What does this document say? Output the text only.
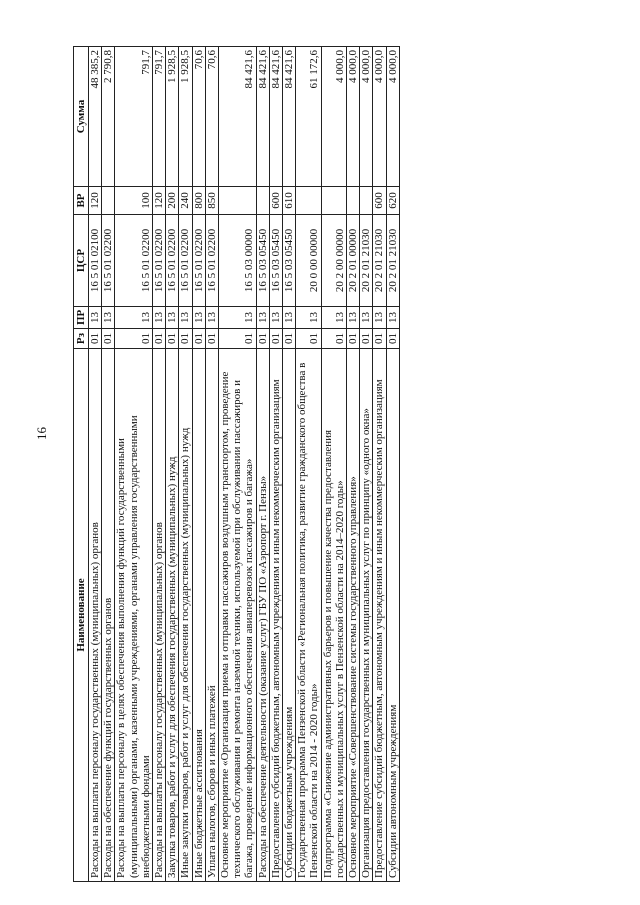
16
Наименование	Рз	ПР	ЦСР	ВР	Сумма
Расходы на выплаты персоналу государственных (муниципальных) органов	01	13	16 5 01 02100	120	48 385,2
Расходы на обеспечение функций государственных органов	01	13	16 5 01 02200		2 790,8
Расходы на выплаты персоналу в целях обеспечения выполнения функций государственными (муниципальными) органами, казенными учреждениями, органами управления государственными внебюджетными фондами	01	13	16 5 01 02200	100	791,7
Расходы на выплаты персоналу государственных (муниципальных) органов	01	13	16 5 01 02200	120	791,7
Закупка товаров, работ и услуг для обеспечения государственных (муниципальных) нужд	01	13	16 5 01 02200	200	1 928,5
Иные закупки товаров, работ и услуг для обеспечения государственных (муниципальных) нужд	01	13	16 5 01 02200	240	1 928,5
Иные бюджетные ассигнования	01	13	16 5 01 02200	800	70,6
Уплата налогов, сборов и иных платежей	01	13	16 5 01 02200	850	70,6
Основное мероприятие «Организация приема и отправки пассажиров воздушным транспортом, проведение технического обслуживания и ремонта наземной техники, используемой при обслуживании пассажиров и багажа, проведение информационного обеспечения авиаперевозок пассажиров и багажа»	01	13	16 5 03 00000		84 421,6
Расходы на обеспечение деятельности (оказание услуг) ГБУ ПО «Аэропорт г. Пензы»	01	13	16 5 03 05450		84 421,6
Предоставление субсидий бюджетным, автономным учреждениям и иным некоммерческим организациям	01	13	16 5 03 05450	600	84 421,6
Субсидии бюджетным учреждениям	01	13	16 5 03 05450	610	84 421,6
Государственная программа Пензенской области «Региональная политика, развитие гражданского общества в Пензенской области на 2014 - 2020 годы»	01	13	20 0 00 00000		61 172,6
Подпрограмма «Снижение административных барьеров и повышение качества предоставления государственных и муниципальных услуг в Пензенской области на 2014–2020 годы»	01	13	20 2 00 00000		4 000,0
Основное мероприятие «Совершенствование системы государственного управления»	01	13	20 2 01 00000		4 000,0
Организация предоставления государственных и муниципальных услуг по принципу «одного окна»	01	13	20 2 01 21030		4 000,0
Предоставление субсидий бюджетным, автономным учреждениям и иным некоммерческим организациям	01	13	20 2 01 21030	600	4 000,0
Субсидии автономным учреждениям	01	13	20 2 01 21030	620	4 000,0
